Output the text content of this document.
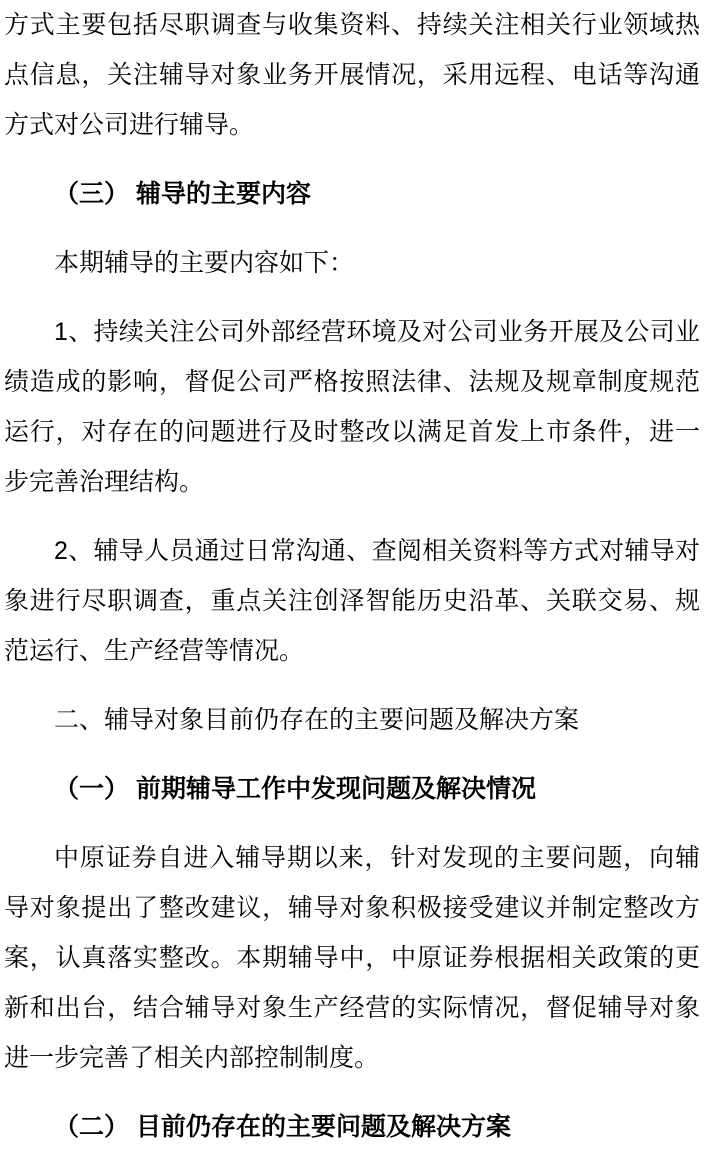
方式主要包括尽职调查与收集资料、持续关注相关行业领域热点信息，关注辅导对象业务开展情况，采用远程、电话等沟通方式对公司进行辅导。

（三） 辅导的主要内容

本期辅导的主要内容如下：

1、持续关注公司外部经营环境及对公司业务开展及公司业绩造成的影响，督促公司严格按照法律、法规及规章制度规范运行，对存在的问题进行及时整改以满足首发上市条件，进一步完善治理结构。

2、辅导人员通过日常沟通、查阅相关资料等方式对辅导对象进行尽职调查，重点关注创泽智能历史沿革、关联交易、规范运行、生产经营等情况。

二、辅导对象目前仍存在的主要问题及解决方案

（一） 前期辅导工作中发现问题及解决情况

中原证券自进入辅导期以来，针对发现的主要问题，向辅导对象提出了整改建议，辅导对象积极接受建议并制定整改方案，认真落实整改。本期辅导中，中原证券根据相关政策的更新和出台，结合辅导对象生产经营的实际情况，督促辅导对象进一步完善了相关内部控制制度。

（二） 目前仍存在的主要问题及解决方案
